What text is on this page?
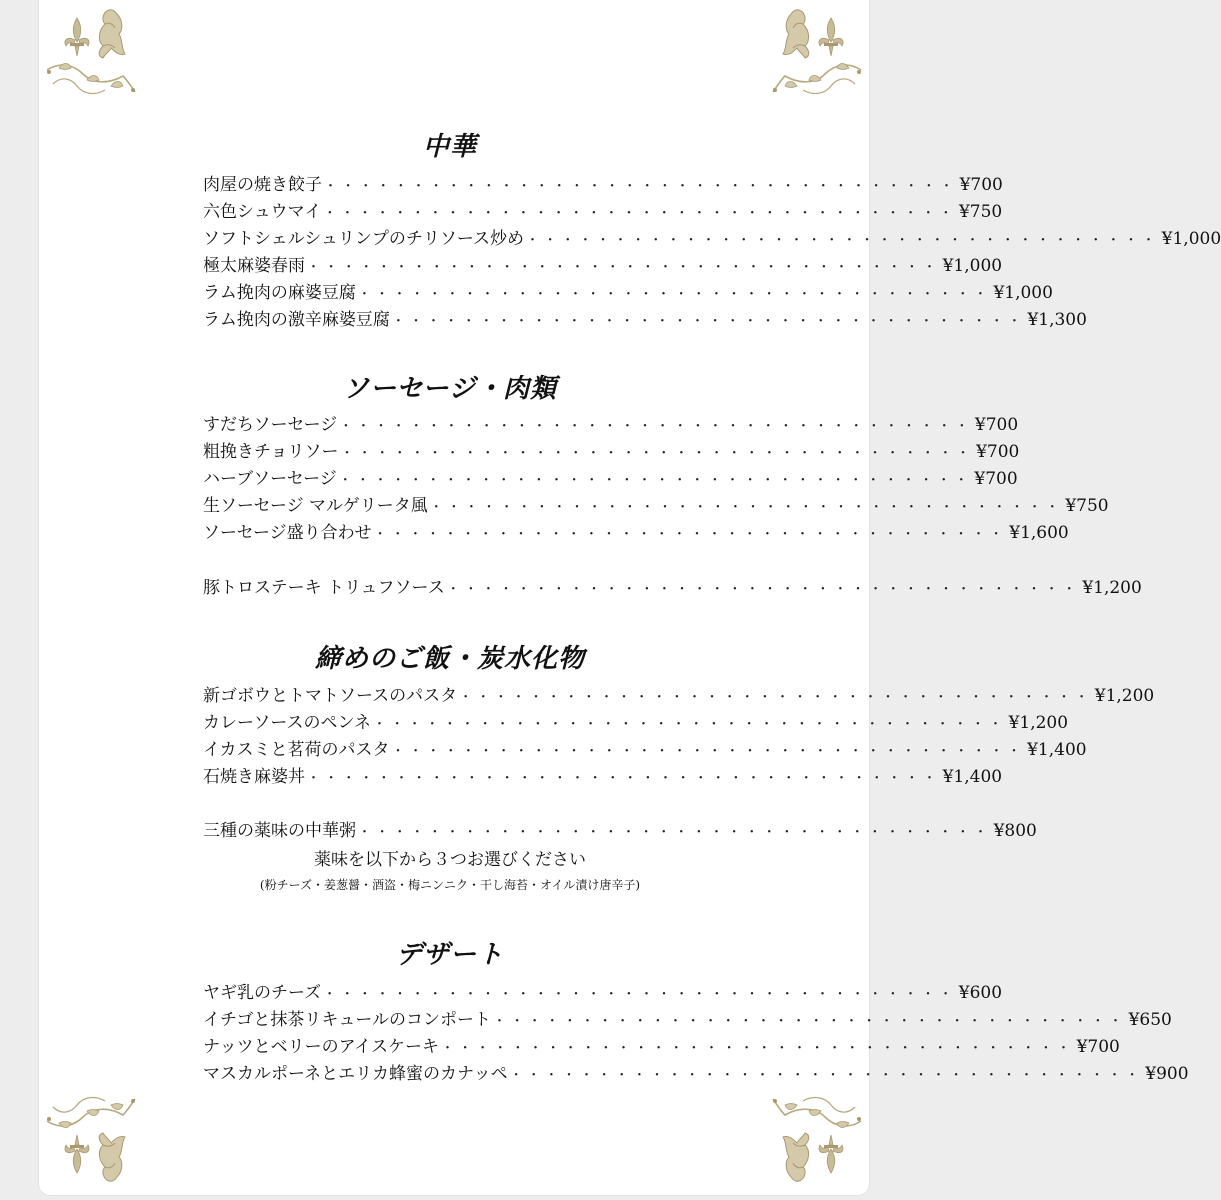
中華
肉屋の焼き餃子 ・・・・・・・・・・・・・・・・・・・・・・・・・・・・・・・・・・・・ ¥700
六色シュウマイ ・・・・・・・・・・・・・・・・・・・・・・・・・・・・・・・・・・・・ ¥750
ソフトシェルシュリンプのチリソース炒め ・・・・・・・・・・・・・・・・・・・・・・・・・・・・・・・・・・・・ ¥1,000
極太麻婆春雨 ・・・・・・・・・・・・・・・・・・・・・・・・・・・・・・・・・・・・ ¥1,000
ラム挽肉の麻婆豆腐 ・・・・・・・・・・・・・・・・・・・・・・・・・・・・・・・・・・・・ ¥1,000
ラム挽肉の激辛麻婆豆腐 ・・・・・・・・・・・・・・・・・・・・・・・・・・・・・・・・・・・・ ¥1,300
ソーセージ・肉類
すだちソーセージ ・・・・・・・・・・・・・・・・・・・・・・・・・・・・・・・・・・・・ ¥700
粗挽きチョリソー ・・・・・・・・・・・・・・・・・・・・・・・・・・・・・・・・・・・・ ¥700
ハーブソーセージ ・・・・・・・・・・・・・・・・・・・・・・・・・・・・・・・・・・・・ ¥700
生ソーセージ マルゲリータ風 ・・・・・・・・・・・・・・・・・・・・・・・・・・・・・・・・・・・・ ¥750
ソーセージ盛り合わせ ・・・・・・・・・・・・・・・・・・・・・・・・・・・・・・・・・・・・ ¥1,600
豚トロステーキ トリュフソース ・・・・・・・・・・・・・・・・・・・・・・・・・・・・・・・・・・・・ ¥1,200
締めのご飯・炭水化物
新ゴボウとトマトソースのパスタ ・・・・・・・・・・・・・・・・・・・・・・・・・・・・・・・・・・・・ ¥1,200
カレーソースのペンネ ・・・・・・・・・・・・・・・・・・・・・・・・・・・・・・・・・・・・ ¥1,200
イカスミと茗荷のパスタ ・・・・・・・・・・・・・・・・・・・・・・・・・・・・・・・・・・・・ ¥1,400
石焼き麻婆丼 ・・・・・・・・・・・・・・・・・・・・・・・・・・・・・・・・・・・・ ¥1,400
三種の薬味の中華粥 ・・・・・・・・・・・・・・・・・・・・・・・・・・・・・・・・・・・・ ¥800
薬味を以下から３つお選びください
(粉チーズ・姜葱醤・酒盗・梅ニンニク・干し海苔・オイル漬け唐辛子)
デザート
ヤギ乳のチーズ ・・・・・・・・・・・・・・・・・・・・・・・・・・・・・・・・・・・・ ¥600
イチゴと抹茶リキュールのコンポート ・・・・・・・・・・・・・・・・・・・・・・・・・・・・・・・・・・・・ ¥650
ナッツとベリーのアイスケーキ ・・・・・・・・・・・・・・・・・・・・・・・・・・・・・・・・・・・・ ¥700
マスカルポーネとエリカ蜂蜜のカナッペ ・・・・・・・・・・・・・・・・・・・・・・・・・・・・・・・・・・・・ ¥900
